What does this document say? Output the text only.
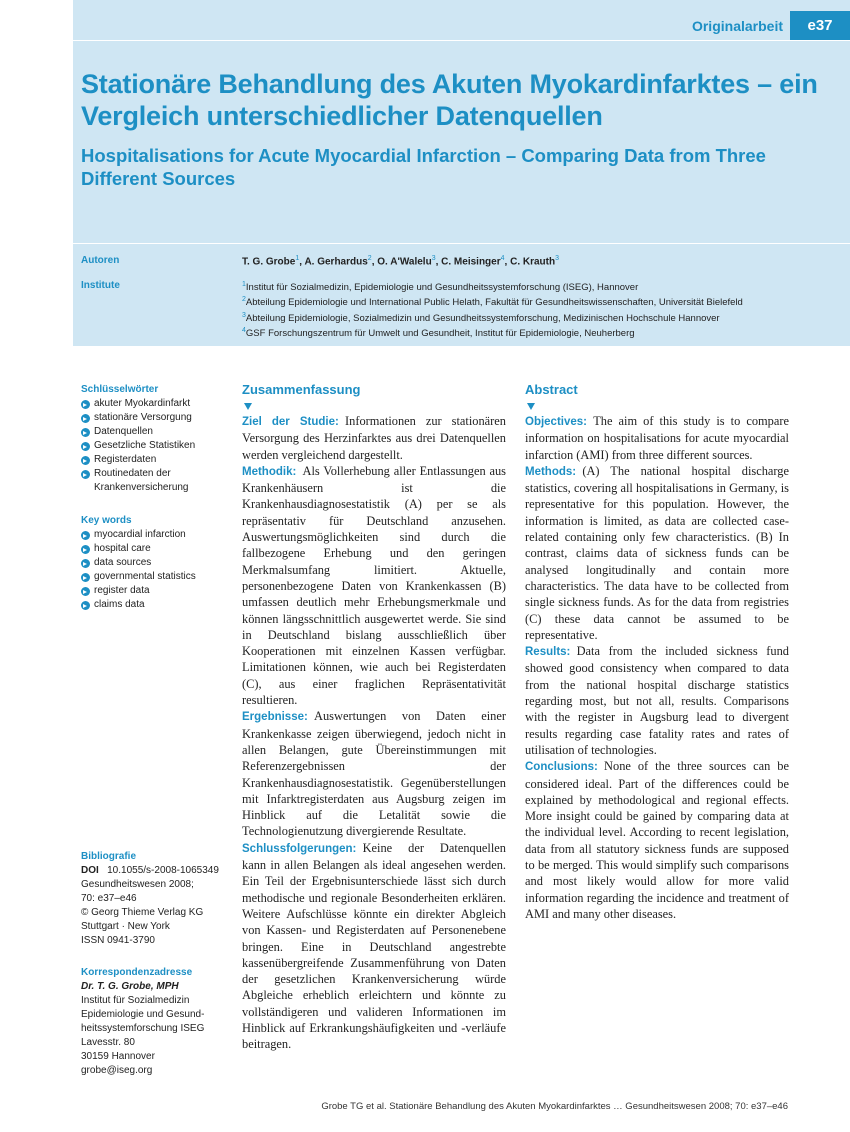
Originalarbeit	e37
Stationäre Behandlung des Akuten Myokardinfarktes – ein Vergleich unterschiedlicher Datenquellen
Hospitalisations for Acute Myocardial Infarction – Comparing Data from Three Different Sources
Autoren
Institute
T. G. Grobe$^1$, A. Gerhardus$^2$, O. A'Walelu$^3$, C. Meisinger$^4$, C. Krauth$^3$
$^1$Institut für Sozialmedizin, Epidemiologie und Gesundheitssystemforschung (ISEG), Hannover
$^2$Abteilung Epidemiologie und International Public Helath, Fakultät für Gesundheitswissenschaften, Universität Bielefeld
$^3$Abteilung Epidemiologie, Sozialmedizin und Gesundheitssystemforschung, Medizinischen Hochschule Hannover
$^4$GSF Forschungszentrum für Umwelt und Gesundheit, Institut für Epidemiologie, Neuherberg
Schlüsselwörter
akuter Myokardinfarkt
stationäre Versorgung
Datenquellen
Gesetzliche Statistiken
Registerdaten
Routinedaten der Krankenversicherung
Key words
myocardial infarction
hospital care
data sources
governmental statistics
register data
claims data
Bibliografie
DOI 10.1055/s-2008-1065349
Gesundheitswesen 2008;
70: e37–e46
© Georg Thieme Verlag KG
Stuttgart · New York
ISSN 0941-3790
Korrespondenzadresse
Dr. T. G. Grobe, MPH
Institut für Sozialmedizin
Epidemiologie und Gesund-
heitssystemforschung ISEG
Lavesstr. 80
30159 Hannover
grobe@iseg.org
Zusammenfassung

Ziel der Studie:  Informationen zur stationären Versorgung des Herzinfarktes aus drei Datenquellen werden vergleichend dargestellt.

Methodik:  Als Vollerhebung aller Entlassungen aus Krankenhäusern ist die Krankenhausdiagnosestatistik (A) per se als repräsentativ für Deutschland anzusehen. Auswertungsmöglichkeiten sind durch die fallbezogene Erhebung und den geringen Merkmalsumfang limitiert. Aktuelle, personenbezogene Daten von Krankenkassen (B) umfassen deutlich mehr Erhebungsmerkmale und können längsschnittlich ausgewertet werde. Sie sind in Deutschland bislang ausschließlich über Kooperationen mit einzelnen Kassen verfügbar. Limitationen können, wie auch bei Registerdaten (C), aus einer fraglichen Repräsentativität resultieren.

Ergebnisse:  Auswertungen von Daten einer Krankenkasse zeigen überwiegend, jedoch nicht in allen Belangen, gute Übereinstimmungen mit Referenzergebnissen der Krankenhausdiagnosestatistik. Gegenüberstellungen mit Infarktregisterdaten aus Augsburg zeigen im Hinblick auf die Letalität sowie die Technologienutzung divergierende Resultate.

Schlussfolgerungen:  Keine der Datenquellen kann in allen Belangen als ideal angesehen werden. Ein Teil der Ergebnisunterschiede lässt sich durch methodische und regionale Besonderheiten erklären. Weitere Aufschlüsse könnte ein direkter Abgleich von Kassen- und Registerdaten auf Personenebene bringen. Eine in Deutschland angestrebte kassenübergreifende Zusammenführung von Daten der gesetzlichen Krankenversicherung würde Abgleiche erheblich erleichtern und könnte zu vollständigeren und valideren Informationen im Hinblick auf Erkrankungshäufigkeiten und -verläufe beitragen.

Abstract

Objectives:  The aim of this study is to compare information on hospitalisations for acute myocardial infarction (AMI) from three different sources.

Methods:  (A) The national hospital discharge statistics, covering all hospitalisations in Germany, is representative for this population. However, the information is limited, as data are collected case-related containing only few characteristics. (B) In contrast, claims data of sickness funds can be analysed longitudinally and contain more characteristics. The data have to be collected from single sickness funds. As for the data from registries (C) these data cannot be assumed to be representative.

Results:  Data from the included sickness fund showed good consistency when compared to data from the national hospital discharge statistics regarding most, but not all, results. Comparisons with the register in Augsburg lead to divergent results regarding case fatality rates and rates of utilisation of technologies.

Conclusions:  None of the three sources can be considered ideal. Part of the differences could be explained by methodological and regional effects. More insight could be gained by comparing data at the individual level. According to recent legislation, data from all statutory sickness funds are supposed to be merged. This would simplify such comparisons and most likely would allow for more valid information regarding the incidence and treatment of AMI and many other diseases.

Grobe TG et al. Stationäre Behandlung des Akuten Myokardinfarktes … Gesundheitswesen 2008; 70: e37–e46
